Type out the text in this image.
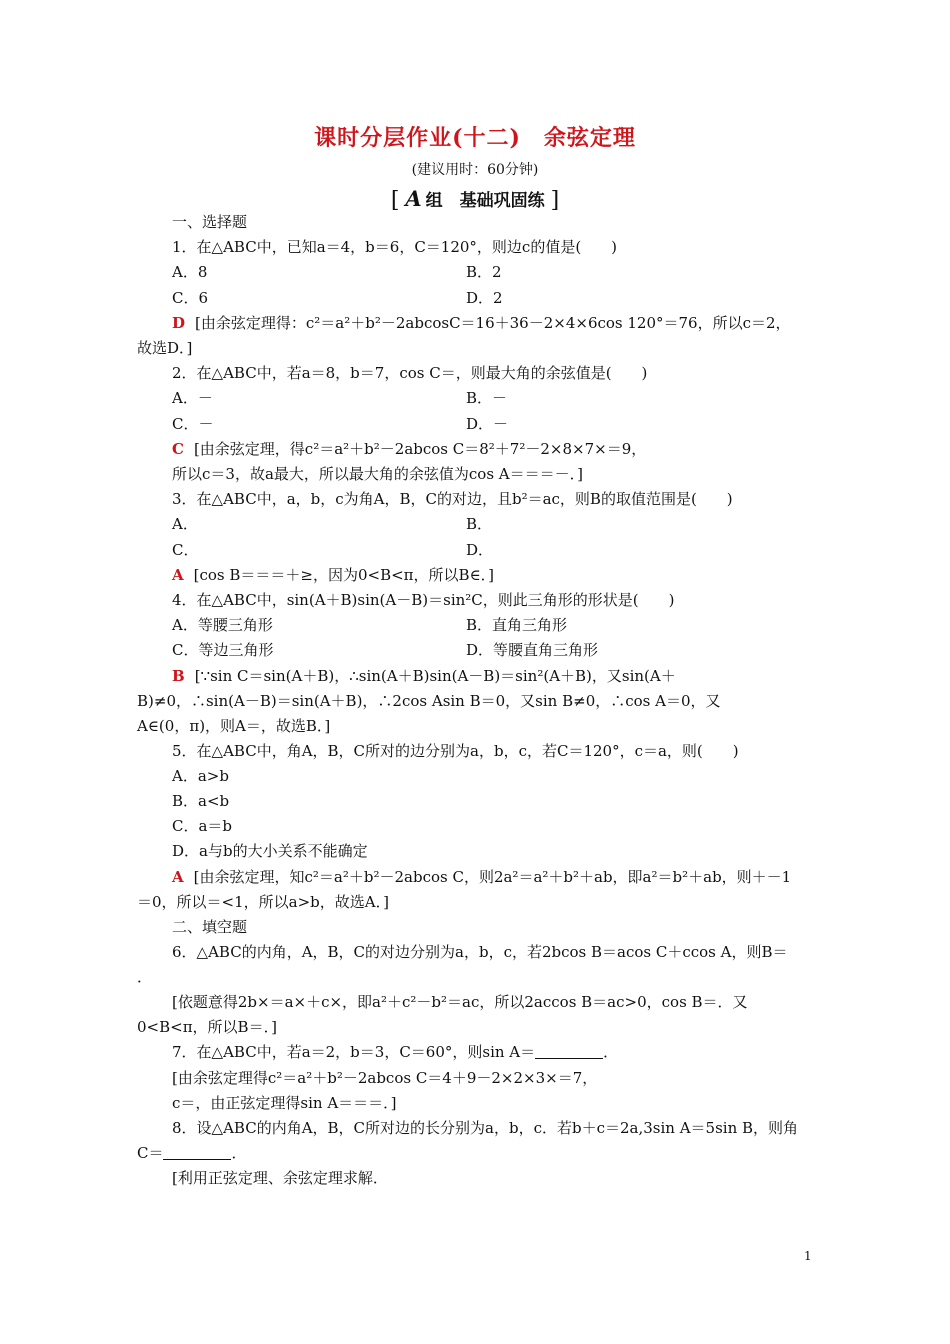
课时分层作业(十二)　余弦定理
(建议用时：60分钟)
[ A 组　基础巩固练 ]
一、选择题
1．在△ABC中，已知a＝4，b＝6，C＝120°，则边c的值是(　　)
A．8	B．2
C．6	D．2
D [由余弦定理得：c²＝a²＋b²－2abcosC＝16＋36－2×4×6cos 120°＝76，所以c＝2，
故选D．]
2．在△ABC中，若a＝8，b＝7，cos C＝，则最大角的余弦值是(　　)
A．－	B．－
C．－	D．－
C [由余弦定理，得c²＝a²＋b²－2abcos C＝8²＋7²－2×8×7×＝9，
所以c＝3，故a最大，所以最大角的余弦值为cos A＝＝＝－．]
3．在△ABC中，a，b，c为角A，B，C的对边，且b²＝ac，则B的取值范围是(　　)
A．	B．
C．	D．
A [cos B＝＝＝＋≥，因为0<B<π，所以B∈．]
4．在△ABC中，sin(A＋B)sin(A－B)＝sin²C，则此三角形的形状是(　　)
A．等腰三角形	B．直角三角形
C．等边三角形	D．等腰直角三角形
B [∵sin C＝sin(A＋B)，∴sin(A＋B)sin(A－B)＝sin²(A＋B)，又sin(A＋
B)≠0，∴sin(A－B)＝sin(A＋B)，∴2cos Asin B＝0，又sin B≠0，∴cos A＝0，又
A∈(0，π)，则A＝，故选B．]
5．在△ABC中，角A，B，C所对的边分别为a，b，c，若C＝120°，c＝a，则(　　)
A．a>b
B．a<b
C．a＝b
D．a与b的大小关系不能确定
A [由余弦定理，知c²＝a²＋b²－2abcos C，则2a²＝a²＋b²＋ab，即a²＝b²＋ab，则＋－1
＝0，所以＝<1，所以a>b，故选A．]
二、填空题
6．△ABC的内角，A，B，C的对边分别为a，b，c，若2bcos B＝acos C＋ccos A，则B＝
．
[依题意得2b×＝a×＋c×，即a²＋c²－b²＝ac，所以2accos B＝ac>0，cos B＝．又
0<B<π，所以B＝．]
7．在△ABC中，若a＝2，b＝3，C＝60°，则sin A＝	．
[由余弦定理得c²＝a²＋b²－2abcos C＝4＋9－2×2×3×＝7，
c＝，由正弦定理得sin A＝＝＝．]
8．设△ABC的内角A，B，C所对边的长分别为a，b，c．若b＋c＝2a,3sin A＝5sin B，则角
C＝	．
[利用正弦定理、余弦定理求解．
1
